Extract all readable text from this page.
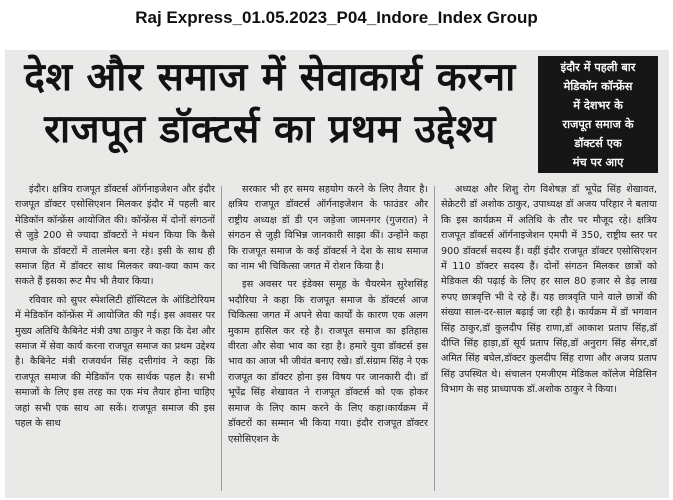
Raj Express_01.05.2023_P04_Indore_Index Group
देश और समाज में सेवाकार्य करना
राजपूत डॉक्टर्स का प्रथम उद्देश्य
इंदौर में पहली बार
मेडिकॉन कॉन्फ्रेंस
में देशभर के
राजपूत समाज के
डॉक्टर्स एक
मंच पर आए

इंदौर। क्षत्रिय राजपूत डॉक्टर्स ऑर्गनाइजेशन और इंदौर राजपूत डॉक्टर एसोसिएशन मिलकर इंदौर में पहली बार मेडिकॉन कॉन्फ्रेंस आयोजित की। कॉन्फ्रेंस में दोनों संगठनों से जुड़े 200 से ज्यादा डॉक्टरों ने मंथन किया कि कैसे समाज के डॉक्टरों में तालमेल बना रहे। इसी के साथ ही समाज हित में डॉक्टर साथ मिलकर क्या-क्या काम कर सकते हैं इसका रूट मैप भी तैयार किया।

रविवार को सुपर स्पेशलिटी हॉस्पिटल के ऑडिटोरियम में मेडिकॉन कॉन्फ्रेंस में आयोजित की गई। इस अवसर पर मुख्य अतिथि कैबिनेट मंत्री उषा ठाकुर ने कहा कि देश और समाज में सेवा कार्य करना राजपूत समाज का प्रथम उद्देश्य है। कैबिनेट मंत्री राजवर्धन सिंह दत्तीगांव ने कहा कि राजपूत समाज की मेडिकॉन एक सार्थक पहल है। सभी समाजों के लिए इस तरह का एक मंच तैयार होना चाहिए जहां सभी एक साथ आ सकें। राजपूत समाज की इस पहल के साथ

सरकार भी हर समय सहयोग करने के लिए तैयार है। क्षत्रिय राजपूत डॉक्टर्स ऑर्गनाइजेशन के फाउंडर और राष्ट्रीय अध्यक्ष डॉ डी एन जड़ेजा जामनगर (गुजरात) ने संगठन से जुड़ी विभिन्न जानकारी साझा कीं। उन्होंने कहा कि राजपूत समाज के कई डॉक्टर्स ने देश के साथ समाज का नाम भी चिकित्सा जगत में रोशन किया है।

इस अवसर पर इंडेक्स समूह के चैयरमेन सुरेशसिंह भदौरिया ने कहा कि राजपूत समाज के डॉक्टर्स आज चिकित्सा जगत में अपने सेवा कार्यों के कारण एक अलग मुकाम हासिल कर रहे है। राजपूत समाज का इतिहास वीरता और सेवा भाव का रहा है। हमारे युवा डॉक्टर्स इस भाव का आज भी जीवंत बनाए रखे। डॉ.संग्राम सिंह ने एक राजपूत का डॉक्टर होना इस विषय पर जानकारी दी। डॉ भूपेंद्र सिंह शेखावत ने राजपूत डॉक्टर्स को एक होकर समाज के लिए काम करने के लिए कहा।कार्यक्रम में डॉक्टरों का सम्मान भी किया गया। इंदौर राजपूत डॉक्टर एसोसिएशन के

अध्यक्ष और शिशु रोग विशेषज्ञ डॉ भूपेंद्र सिंह शेखावत, सेक्रेटरी डॉ अशोक ठाकुर, उपाध्यक्ष डॉ अजय परिहार ने बताया कि इस कार्यक्रम में अतिथि के तौर पर मौजूद रहे। क्षत्रिय राजपूत डॉक्टर्स ऑर्गनाइजेशन एमपी में 350, राष्ट्रीय स्तर पर 900 डॉक्टर्स सदस्य हैं। वहीं इंदौर राजपूत डॉक्टर एसोसिएशन में 110 डॉक्टर सदस्य हैं। दोनों संगठन मिलकर छात्रों को मेडिकल की पढ़ाई के लिए हर साल 80 हजार से डेढ़ लाख रुपए छात्रवृत्ति भी दे रहे हैं। यह छात्रवृति पाने वाले छात्रों की संख्या साल-दर-साल बढ़ाई जा रही है। कार्यक्रम में डॉ भगवान सिंह ठाकुर,डॉ कुलदीप सिंह राणा,डॉ आकाश प्रताप सिंह,डॉ दीप्ति सिंह हाड़ा,डॉ सूर्य प्रताप सिंह,डॉ अनुराग सिंह सेंगर,डॉ अमित सिंह बघेल,डॉक्टर कुलदीप सिंह राणा और अजय प्रताप सिंह उपस्थित थे। संचालन एमजीएम मेडिकल कॉलेज मेडिसिन विभाग के सह प्राध्यापक डॉ.अशोक ठाकुर ने किया।
